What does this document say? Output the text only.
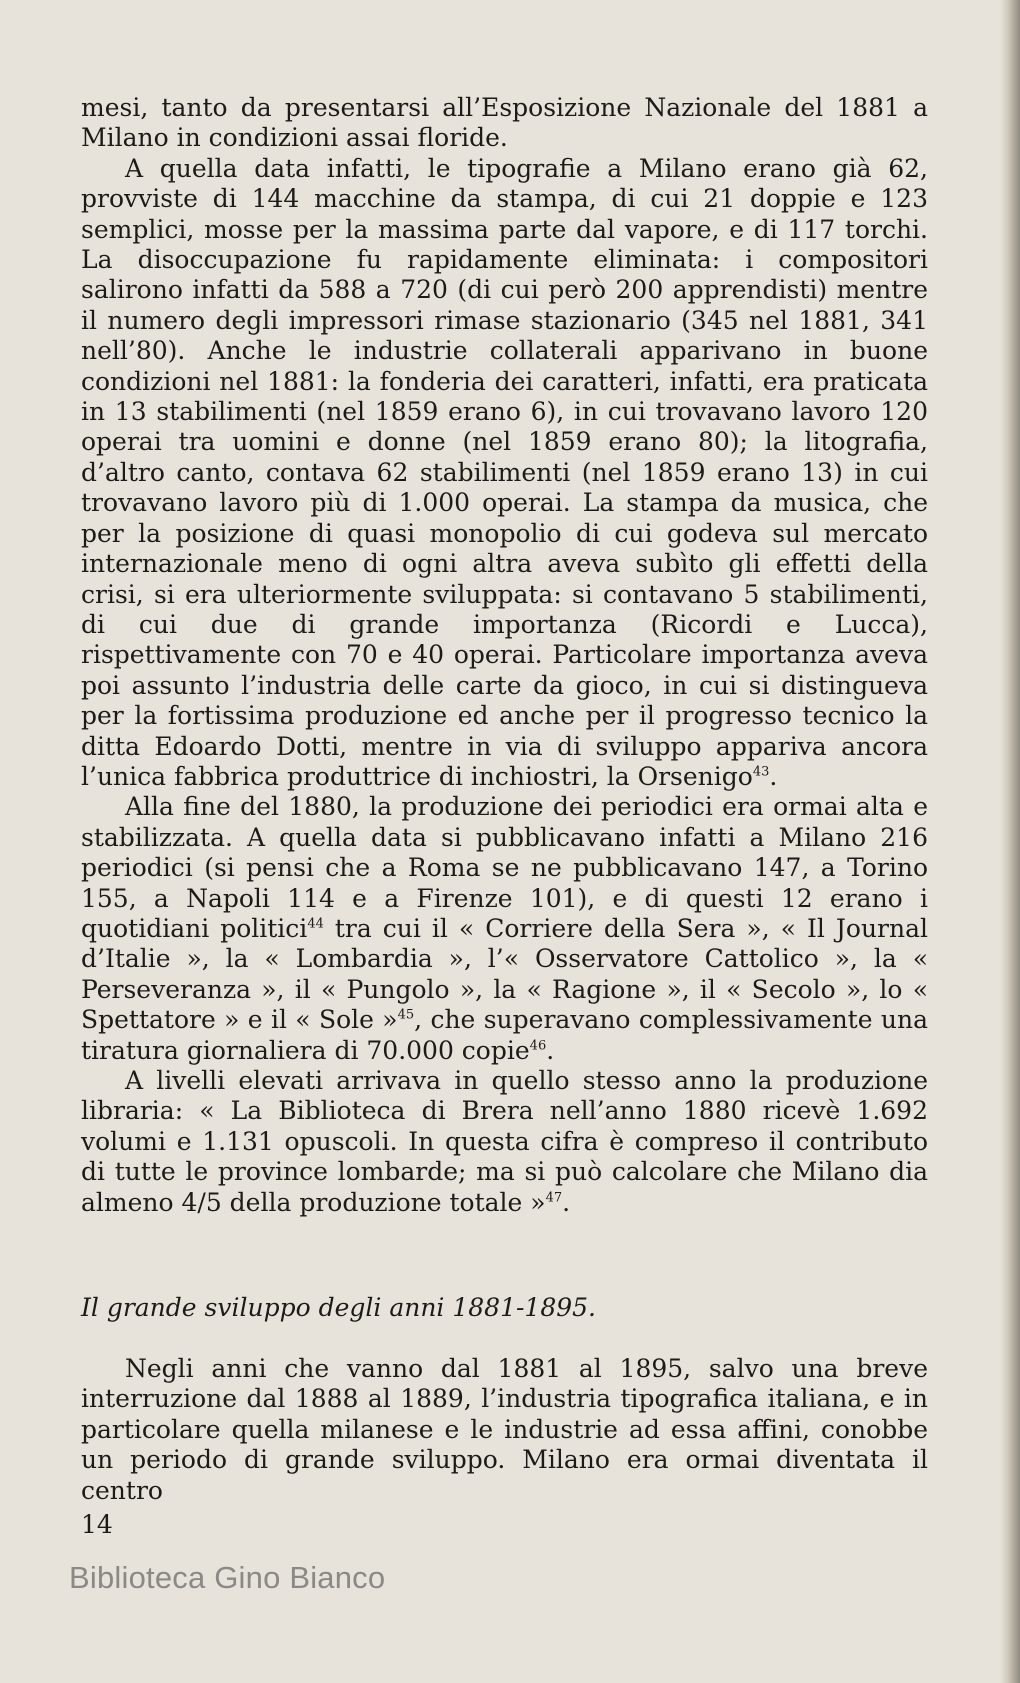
mesi, tanto da presentarsi all’Esposizione Nazionale del 1881 a Milano in condizioni assai floride.

A quella data infatti, le tipografie a Milano erano già 62, provviste di 144 macchine da stampa, di cui 21 doppie e 123 semplici, mosse per la massima parte dal vapore, e di 117 torchi. La disoccupazione fu rapidamente eliminata: i compositori salirono infatti da 588 a 720 (di cui però 200 apprendisti) mentre il numero degli impressori rimase stazionario (345 nel 1881, 341 nell’80). Anche le industrie collaterali apparivano in buone condizioni nel 1881: la fonderia dei caratteri, infatti, era praticata in 13 stabilimenti (nel 1859 erano 6), in cui trovavano lavoro 120 operai tra uomini e donne (nel 1859 erano 80); la litografia, d’altro canto, contava 62 stabilimenti (nel 1859 erano 13) in cui trovavano lavoro più di 1.000 operai. La stampa da musica, che per la posizione di quasi monopolio di cui godeva sul mercato internazionale meno di ogni altra aveva subìto gli effetti della crisi, si era ulteriormente sviluppata: si contavano 5 stabilimenti, di cui due di grande importanza (Ricordi e Lucca), rispettivamente con 70 e 40 operai. Particolare importanza aveva poi assunto l’industria delle carte da gioco, in cui si distingueva per la fortissima produzione ed anche per il progresso tecnico la ditta Edoardo Dotti, mentre in via di sviluppo appariva ancora l’unica fabbrica produttrice di inchiostri, la Orsenigo$^{43}$.

Alla fine del 1880, la produzione dei periodici era ormai alta e stabilizzata. A quella data si pubblicavano infatti a Milano 216 periodici (si pensi che a Roma se ne pubblicavano 147, a Torino 155, a Napoli 114 e a Firenze 101), e di questi 12 erano i quotidiani politici$^{44}$ tra cui il « Corriere della Sera », « Il Journal d’Italie », la « Lombardia », l’« Osservatore Cattolico », la « Perseveranza », il « Pungolo », la « Ragione », il « Secolo », lo « Spettatore » e il « Sole »$^{45}$, che superavano complessivamente una tiratura giornaliera di 70.000 copie$^{46}$.

A livelli elevati arrivava in quello stesso anno la produzione libraria: « La Biblioteca di Brera nell’anno 1880 ricevè 1.692 volumi e 1.131 opuscoli. In questa cifra è compreso il contributo di tutte le province lombarde; ma si può calcolare che Milano dia almeno 4/5 della produzione totale »$^{47}$.

Il grande sviluppo degli anni 1881-1895.

Negli anni che vanno dal 1881 al 1895, salvo una breve interruzione dal 1888 al 1889, l’industria tipografica italiana, e in particolare quella milanese e le industrie ad essa affini, conobbe un periodo di grande sviluppo. Milano era ormai diventata il centro

14
Biblioteca Gino Bianco
